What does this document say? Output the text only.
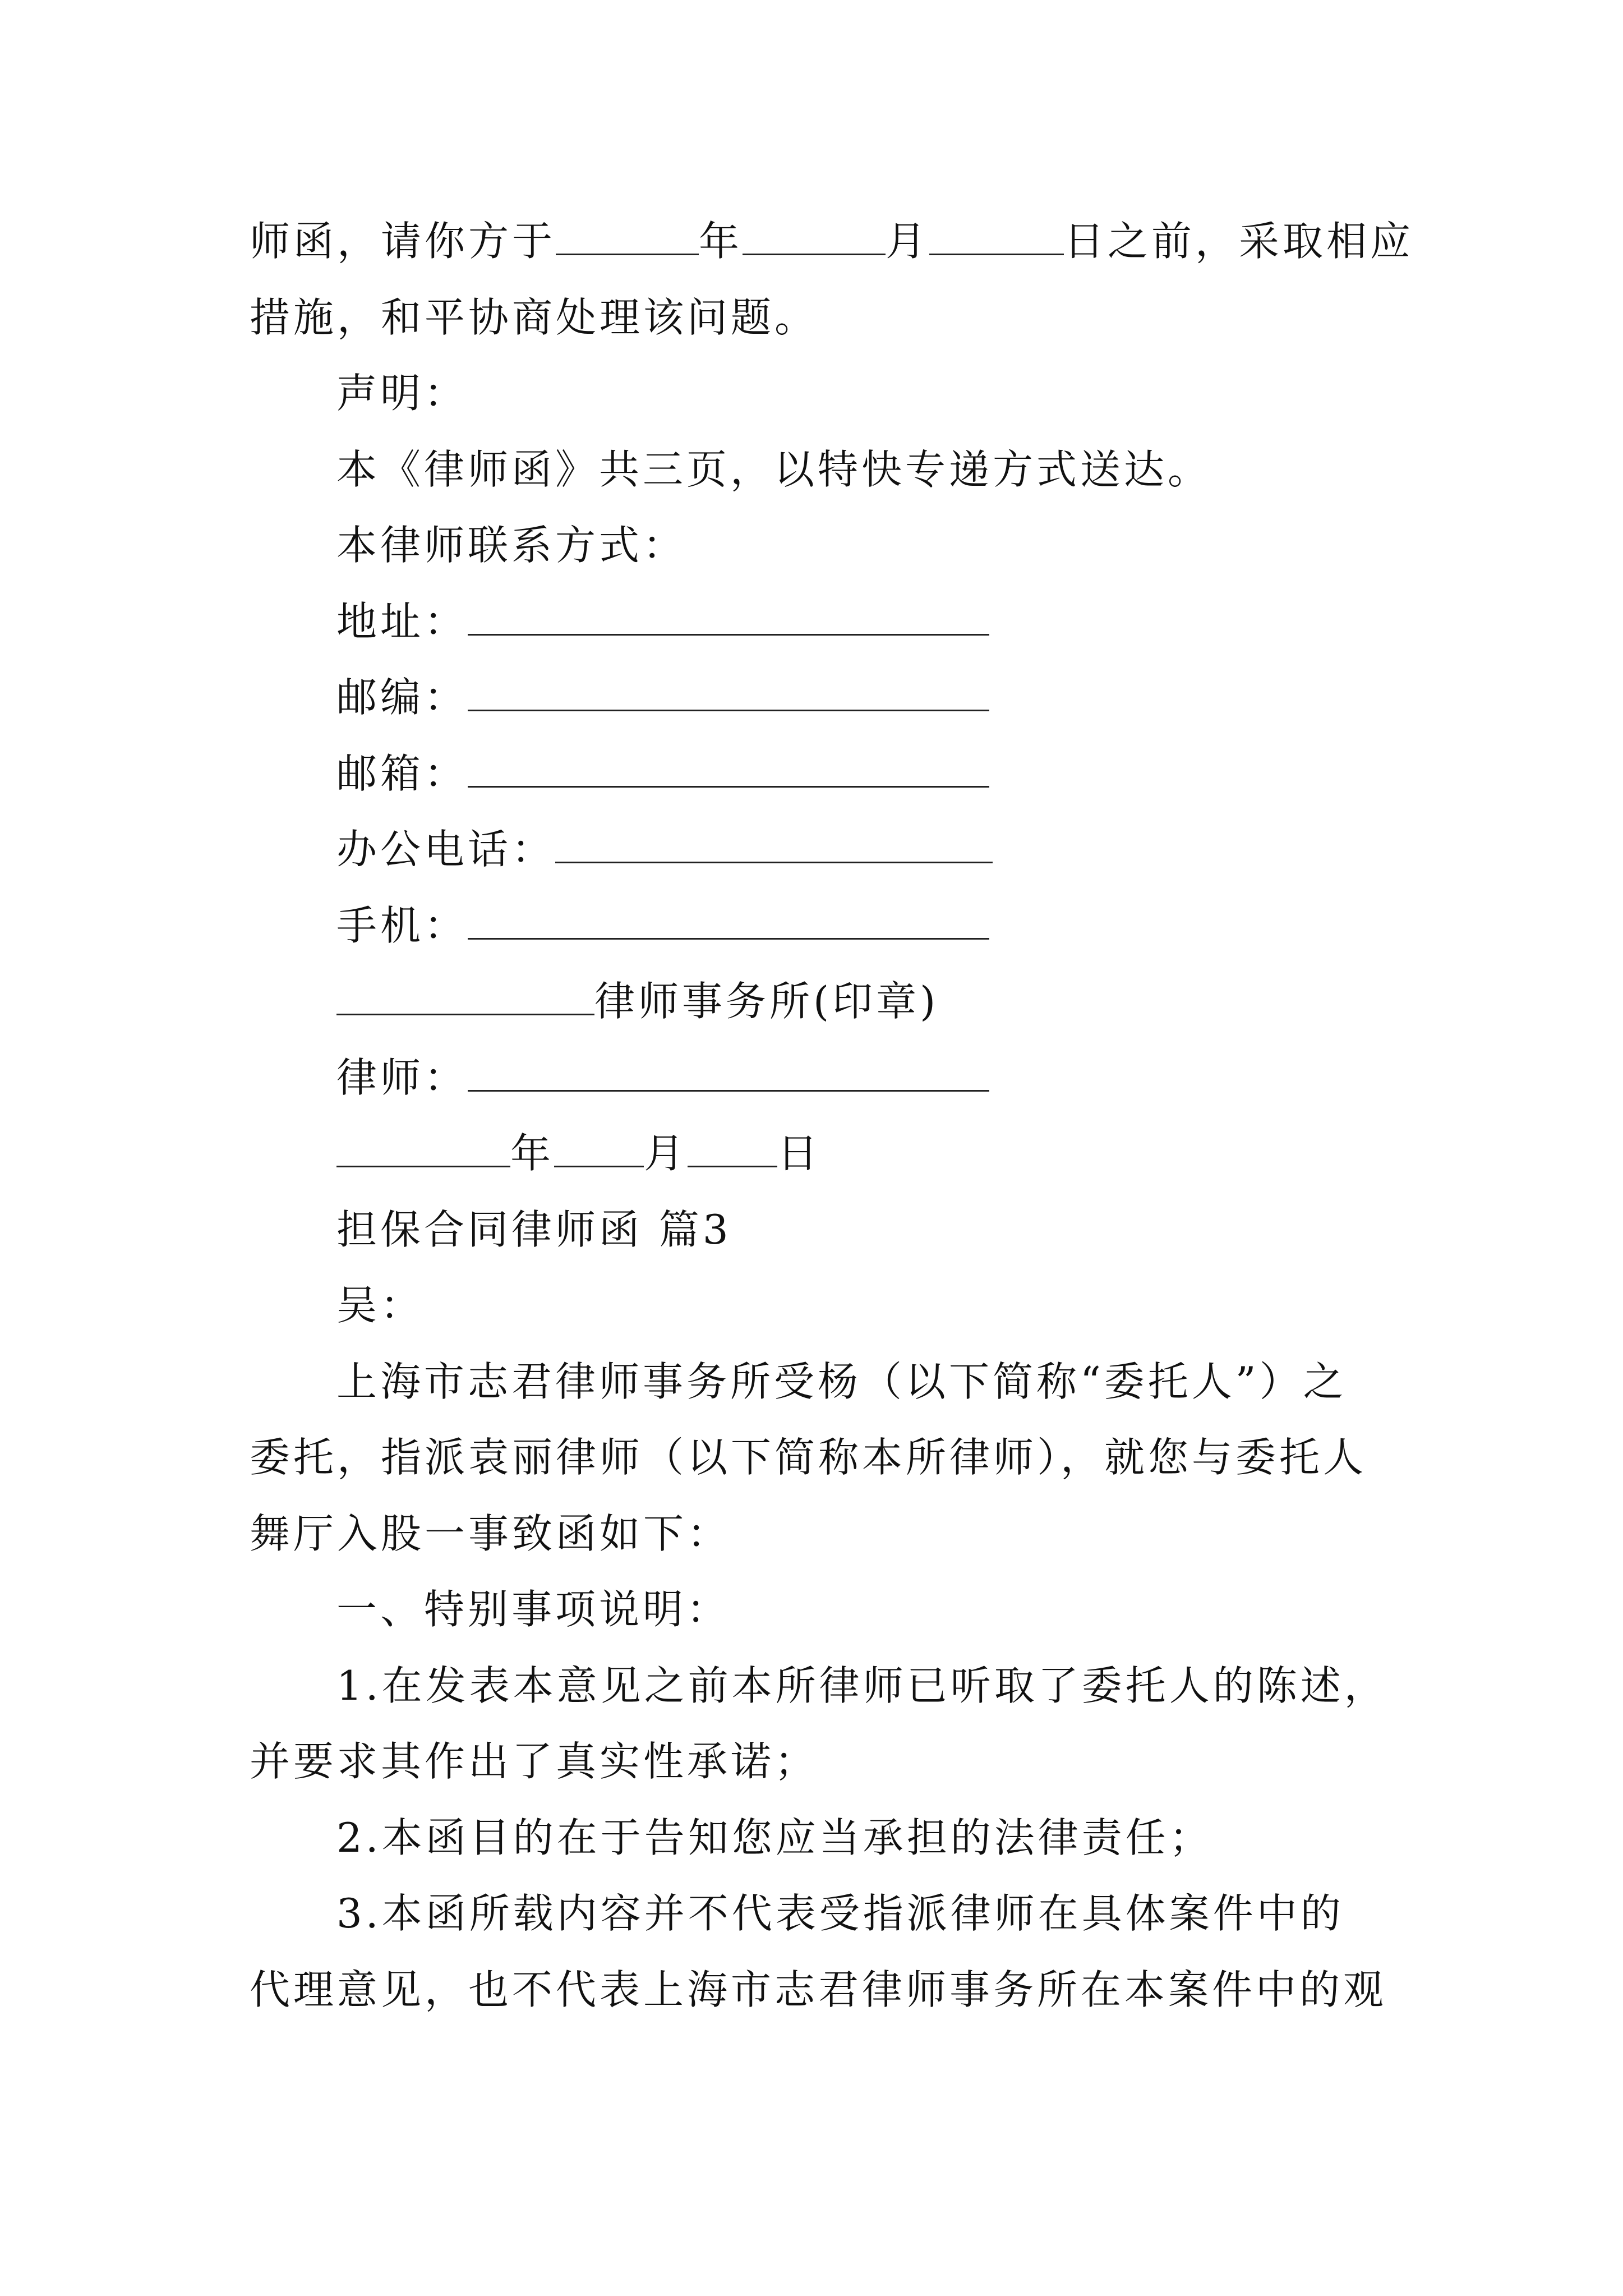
师函，请你方于	年	月	日之前，采取相应
措施，和平协商处理该问题。
声明：
本《律师函》共三页，以特快专递方式送达。
本律师联系方式：
地址：
邮编：
邮箱：
办公电话：
手机：
律师事务所(印章)
律师：
年 月 日
担保合同律师函 篇3
吴：
上海市志君律师事务所受杨（以下简称“委托人”）之
委托，指派袁丽律师（以下简称本所律师），就您与委托人
舞厅入股一事致函如下：
一、特别事项说明：
1.在发表本意见之前本所律师已听取了委托人的陈述，
并要求其作出了真实性承诺；
2.本函目的在于告知您应当承担的法律责任；
3.本函所载内容并不代表受指派律师在具体案件中的
代理意见，也不代表上海市志君律师事务所在本案件中的观
